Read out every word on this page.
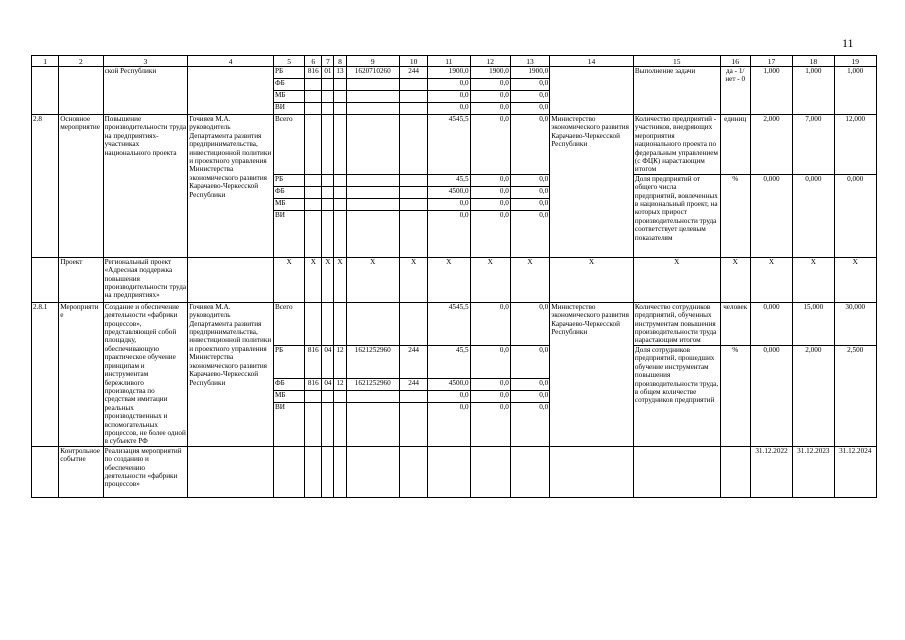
11
1	2	3	4	5	6	7	8	9	10	11	12	13	14	15	16	17	18	19
		ской Республики		РБ	816	01	13	1620710260	244	1900,0	1900,0	1900,0		Выполнение задачи	да - 1/ нет - 0	1,000	1,000	1,000
				ФБ						0,0	0,0	0,0						
				МБ						0,0	0,0	0,0						
				ВИ						0,0	0,0	0,0						
2.8	Основное мероприятие	Повышение производительности труда на предприятиях-участниках национального проекта	Гочияев М.А. руководитель Департамента развития предпринимательства, инвестиционной политики и проектного управления Министерства экономического развития Карачаево-Черкесской Республики	Всего						4545,5	0,0	0,0	Министерство экономического развития Карачаево-Черкесской Республики	Количество предприятий - участников, внедряющих мероприятия национального проекта по федеральным управлением (с ФЦК) нарастающим итогом	единиц	2,000	7,000	12,000
				РБ						45,5	0,0	0,0		Доля предприятий от общего числа предприятий, вовлеченных в национальный проект, на которых прирост производительности труда соответствует целевым показателям	%	0,000	0,000	0,000
				ФБ						4500,0	0,0	0,0						
				МБ						0,0	0,0	0,0						
				ВИ						0,0	0,0	0,0						
	Проект	Региональный проект «Адресная поддержка повышения производительности труда на предприятиях»		X	X	X	X	X	X	X	X	X	X	X	X	X	X	X
2.8.1	Мероприятие	Создание и обеспечение деятельности «фабрики процессов», представляющей собой площадку, обеспечивающую практическое обучение принципам и инструментам бережливого производства по средствам имитации реальных производственных и вспомогательных процессов, не более одной в субъекте РФ	Гочияев М.А. руководитель Департамента развития предпринимательства, инвестиционной политики и проектного управления Министерства экономического развития Карачаево-Черкесской Республики	Всего						4545,5	0,0	0,0	Министерство экономического развития Карачаево-Черкесской Республики	Количество сотрудников предприятий, обученных инструментам повышения производительности труда нарастающим итогом	человек	0,000	15,000	30,000
				РБ	816	04	12	1621252960	244	45,5	0,0	0,0		Доля сотрудников предприятий, прошедших обучение инструментам повышения производительности труда, в общем количестве сотрудников предприятий	%	0,000	2,000	2,500
				ФБ	816	04	12	1621252960	244	4500,0	0,0	0,0						
				МБ						0,0	0,0	0,0						
				ВИ						0,0	0,0	0,0						
	Контрольное событие	Реализация мероприятий по созданию и обеспечению деятельности «фабрики процессов»														31.12.2022	31.12.2023	31.12.2024
